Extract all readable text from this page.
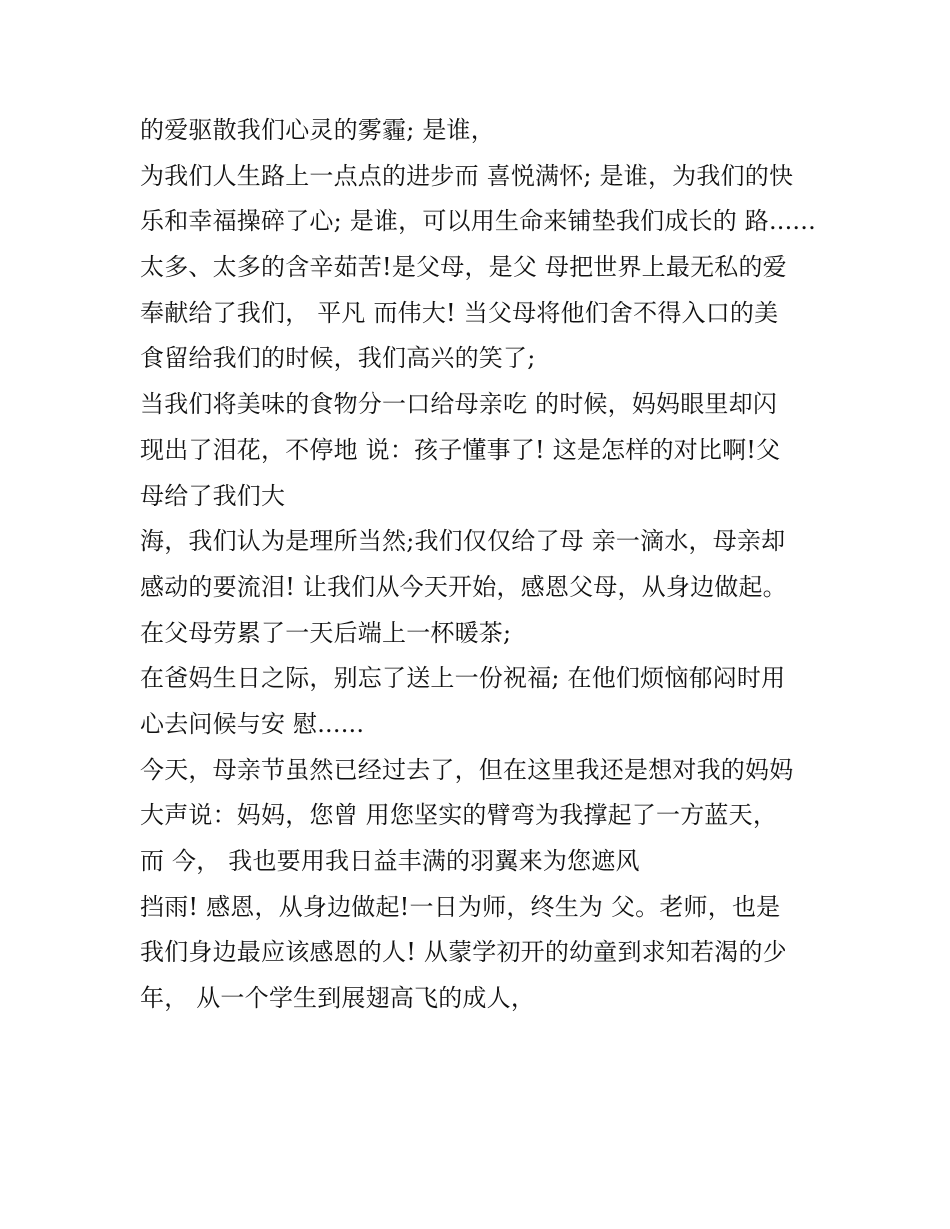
的爱驱散我们心灵的雾霾; 是谁，
为我们人生路上一点点的进步而 喜悦满怀; 是谁，为我们的快
乐和幸福操碎了心; 是谁，可以用生命来铺垫我们成长的 路......
太多、太多的含辛茹苦!是父母，是父 母把世界上最无私的爱
奉献给了我们， 平凡 而伟大! 当父母将他们舍不得入口的美
食留给我们的时候，我们高兴的笑了;
当我们将美味的食物分一口给母亲吃 的时候，妈妈眼里却闪
现出了泪花，不停地 说：孩子懂事了! 这是怎样的对比啊!父
母给了我们大
海，我们认为是理所当然;我们仅仅给了母 亲一滴水，母亲却
感动的要流泪! 让我们从今天开始，感恩父母，从身边做起。
在父母劳累了一天后端上一杯暖茶;
在爸妈生日之际，别忘了送上一份祝福; 在他们烦恼郁闷时用
心去问候与安 慰......
今天，母亲节虽然已经过去了，但在这里我还是想对我的妈妈
大声说：妈妈，您曾 用您坚实的臂弯为我撑起了一方蓝天，
而 今， 我也要用我日益丰满的羽翼来为您遮风
挡雨! 感恩，从身边做起!一日为师，终生为 父。老师，也是
我们身边最应该感恩的人! 从蒙学初开的幼童到求知若渴的少
年， 从一个学生到展翅高飞的成人，
